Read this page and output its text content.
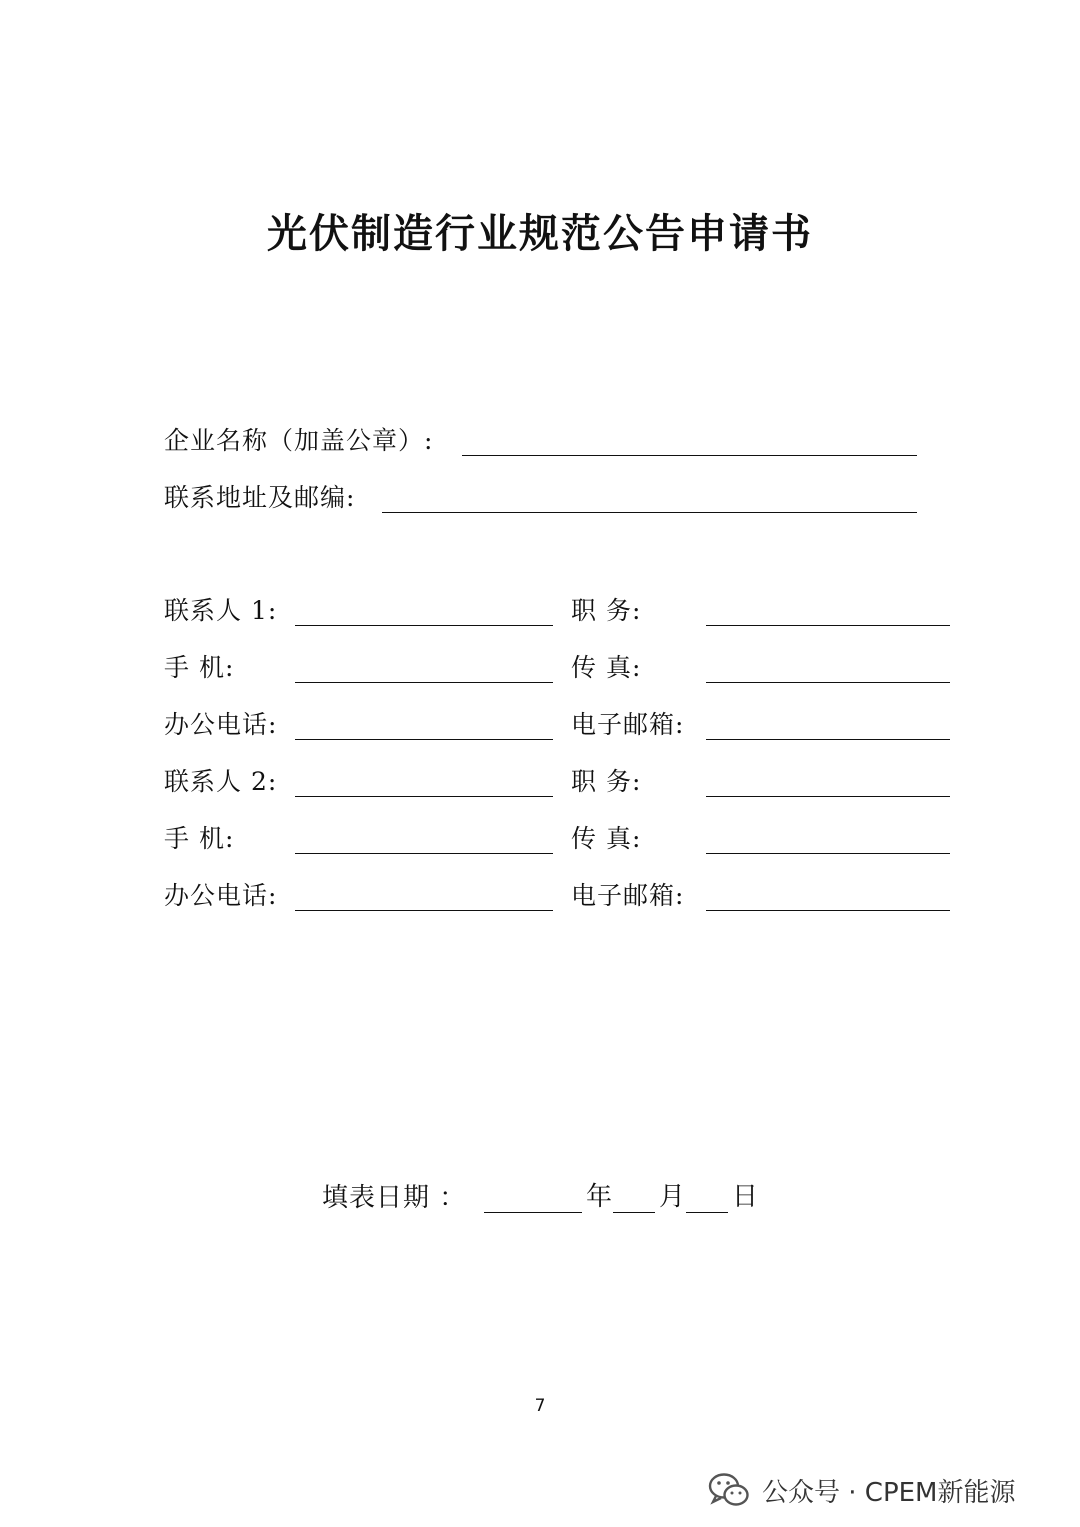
光伏制造行业规范公告申请书
企业名称（加盖公章）:
联系地址及邮编:
联系人 1:	职 务:
手 机:	传 真:
办公电话:	电子邮箱:
联系人 2:	职 务:
手 机:	传 真:
办公电话:	电子邮箱:
填表日期 ：	年 月 日
7
公众号 · CPEM新能源
